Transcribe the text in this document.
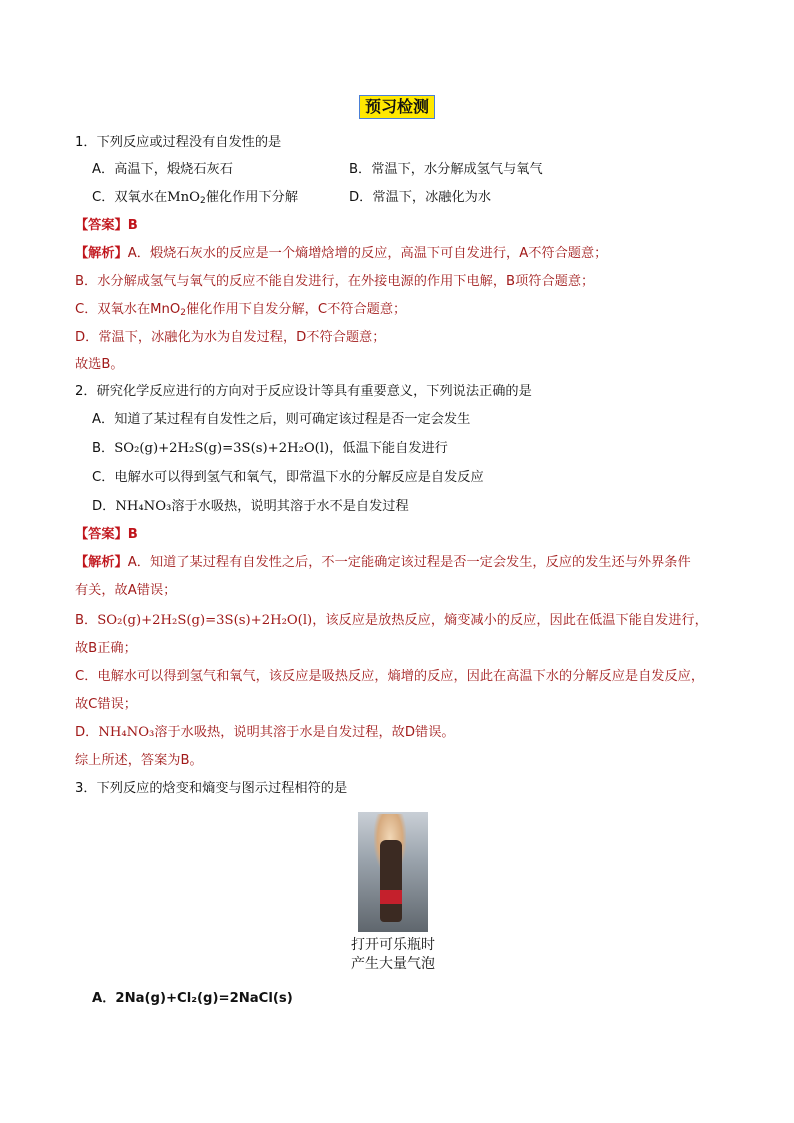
预习检测
1．下列反应或过程没有自发性的是
A．高温下，煅烧石灰石	B．常温下，水分解成氢气与氧气
C．双氧水在MnO$_2$催化作用下分解	D．常温下，冰融化为水
【答案】B
【解析】A．煅烧石灰水的反应是一个熵增焓增的反应，高温下可自发进行，A不符合题意；
B．水分解成氢气与氧气的反应不能自发进行，在外接电源的作用下电解，B项符合题意；
C．双氧水在MnO$_2$催化作用下自发分解，C不符合题意；
D．常温下，冰融化为水为自发过程，D不符合题意；
故选B。
2．研究化学反应进行的方向对于反应设计等具有重要意义，下列说法正确的是
A．知道了某过程有自发性之后，则可确定该过程是否一定会发生
B．SO₂(g)+2H₂S(g)=3S(s)+2H₂O(l)，低温下能自发进行
C．电解水可以得到氢气和氧气，即常温下水的分解反应是自发反应
D．NH₄NO₃溶于水吸热，说明其溶于水不是自发过程
【答案】B
【解析】A．知道了某过程有自发性之后，不一定能确定该过程是否一定会发生，反应的发生还与外界条件
有关，故A错误；
B．SO₂(g)+2H₂S(g)=3S(s)+2H₂O(l)，该反应是放热反应，熵变减小的反应，因此在低温下能自发进行，
故B正确；
C．电解水可以得到氢气和氧气，该反应是吸热反应，熵增的反应，因此在高温下水的分解反应是自发反应，
故C错误；
D．NH₄NO₃溶于水吸热，说明其溶于水是自发过程，故D错误。
综上所述，答案为B。
3．下列反应的焓变和熵变与图示过程相符的是
打开可乐瓶时
产生大量气泡
A．2Na(g)+Cl₂(g)=2NaCl(s)
